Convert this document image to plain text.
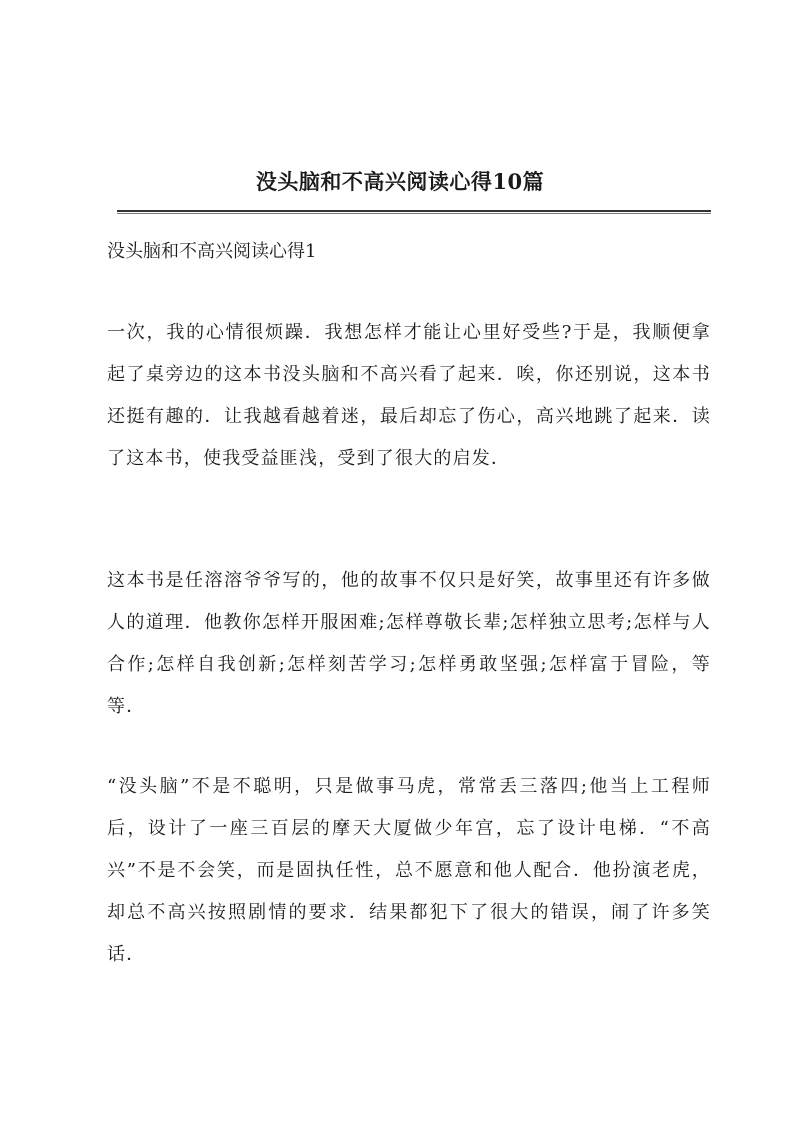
没头脑和不高兴阅读心得10篇
没头脑和不高兴阅读心得1

一次，我的心情很烦躁．我想怎样才能让心里好受些?于是，我顺便拿起了桌旁边的这本书没头脑和不高兴看了起来．唉，你还别说，这本书还挺有趣的．让我越看越着迷，最后却忘了伤心，高兴地跳了起来．读了这本书，使我受益匪浅，受到了很大的启发．

这本书是任溶溶爷爷写的，他的故事不仅只是好笑，故事里还有许多做人的道理．他教你怎样开服困难;怎样尊敬长辈;怎样独立思考;怎样与人合作;怎样自我创新;怎样刻苦学习;怎样勇敢坚强;怎样富于冒险，等等．

“没头脑”不是不聪明，只是做事马虎，常常丢三落四;他当上工程师后，设计了一座三百层的摩天大厦做少年宫，忘了设计电梯．“不高兴”不是不会笑，而是固执任性，总不愿意和他人配合．他扮演老虎，却总不高兴按照剧情的要求．结果都犯下了很大的错误，闹了许多笑话．
